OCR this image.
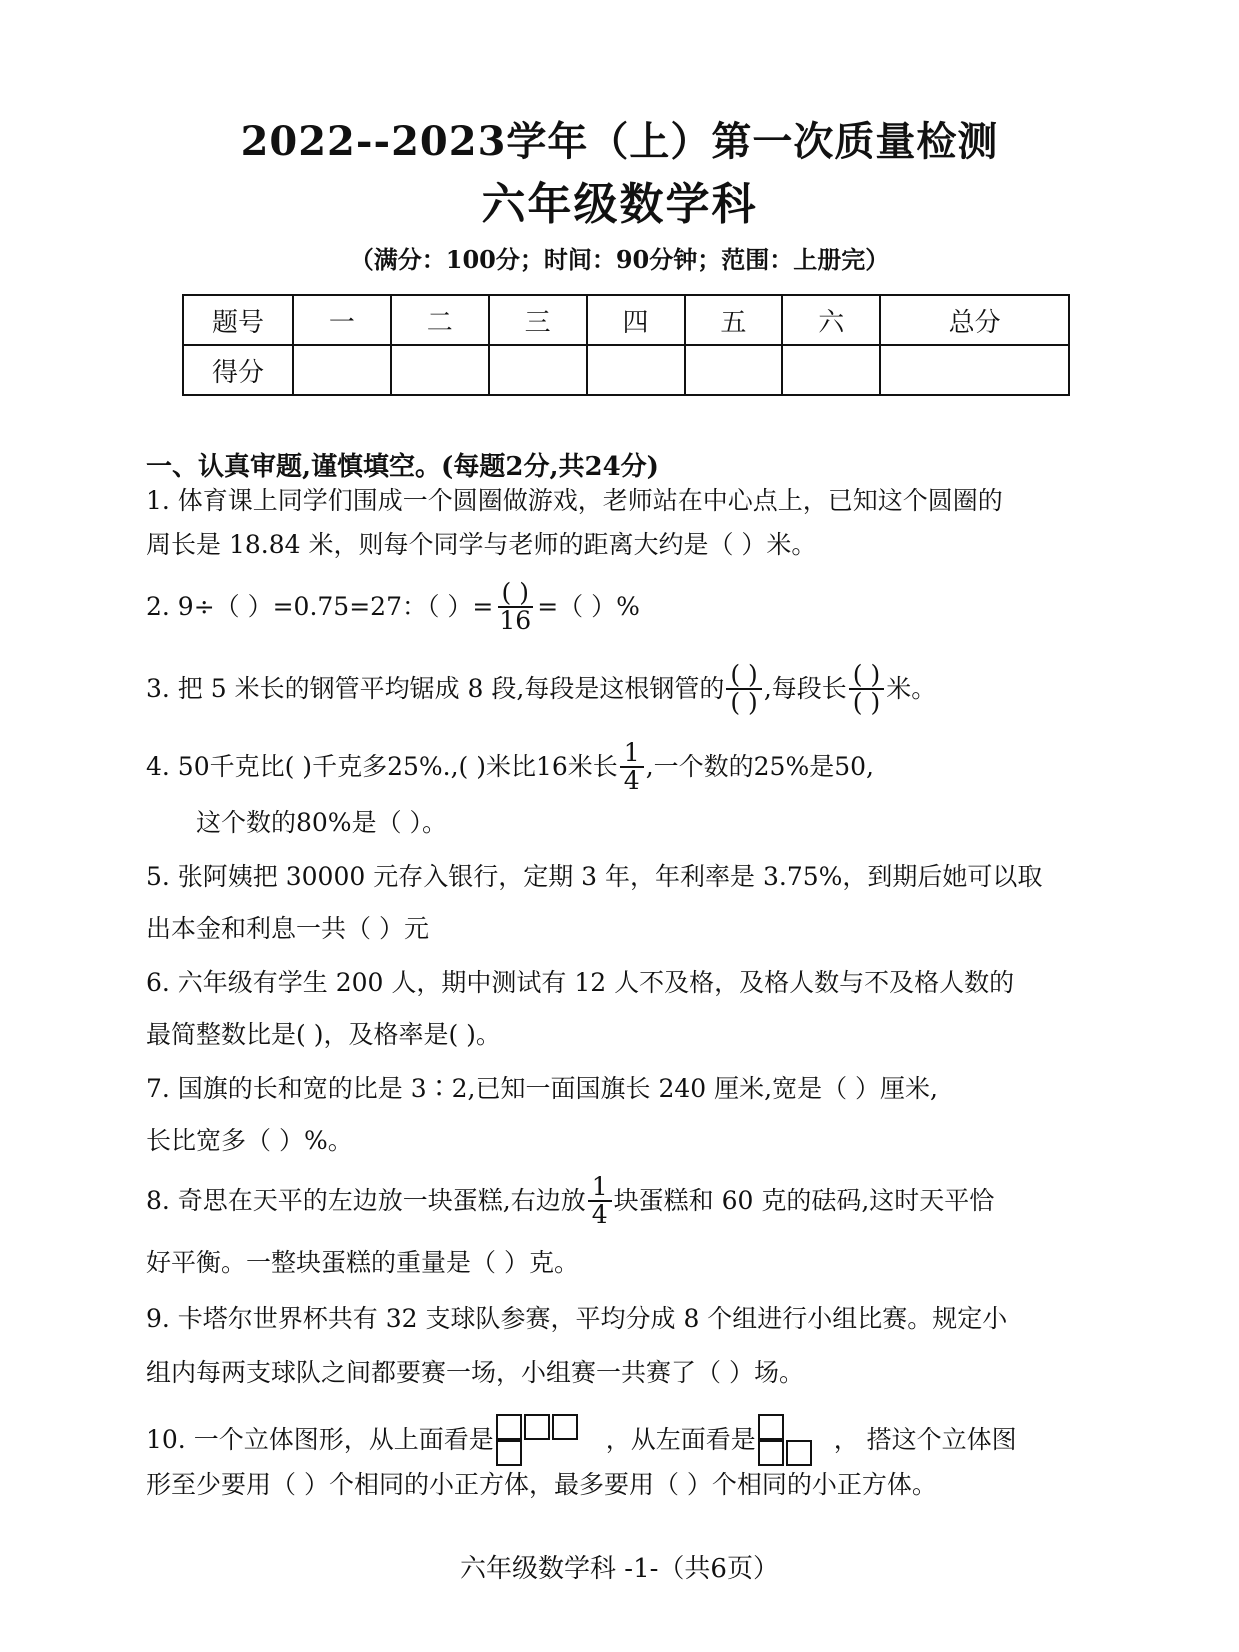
2022--2023学年（上）第一次质量检测
六年级数学科
（满分：100分；时间：90分钟；范围：上册完）
题号	一	二	三	四	五	六	总分
得分							
一、认真审题,谨慎填空。(每题2分,共24分)
1. 体育课上同学们围成一个圆圈做游戏，老师站在中心点上，已知这个圆圈的
周长是 18.84 米，则每个同学与老师的距离大约是（ ）米。
2. 9÷（ ）=0.75=27：（ ）= $\frac{( )}{16}$ =（ ）%
3. 把 5 米长的钢管平均锯成 8 段,每段是这根钢管的 $\frac{( )}{( )}$ ,每段长 $\frac{( )}{( )}$ 米。
4. 50千克比( )千克多25%.,( )米比16米长 $\frac{1}{4}$ ,一个数的25%是50,
这个数的80%是（ ）。
5. 张阿姨把 30000 元存入银行，定期 3 年，年利率是 3.75%，到期后她可以取
出本金和利息一共（ ）元
6. 六年级有学生 200 人，期中测试有 12 人不及格，及格人数与不及格人数的
最简整数比是( )，及格率是( )。
7. 国旗的长和宽的比是 3∶2,已知一面国旗长 240 厘米,宽是（ ）厘米,
长比宽多（ ）%。
8. 奇思在天平的左边放一块蛋糕,右边放 $\frac{1}{4}$ 块蛋糕和 60 克的砝码,这时天平恰
好平衡。一整块蛋糕的重量是（ ）克。
9. 卡塔尔世界杯共有 32 支球队参赛，平均分成 8 个组进行小组比赛。规定小
组内每两支球队之间都要赛一场，小组赛一共赛了（ ）场。
10. 一个立体图形，从上面看是	，从左面看是	， 搭这个立体图
形至少要用（ ）个相同的小正方体，最多要用（ ）个相同的小正方体。
六年级数学科 -1-（共6页）
